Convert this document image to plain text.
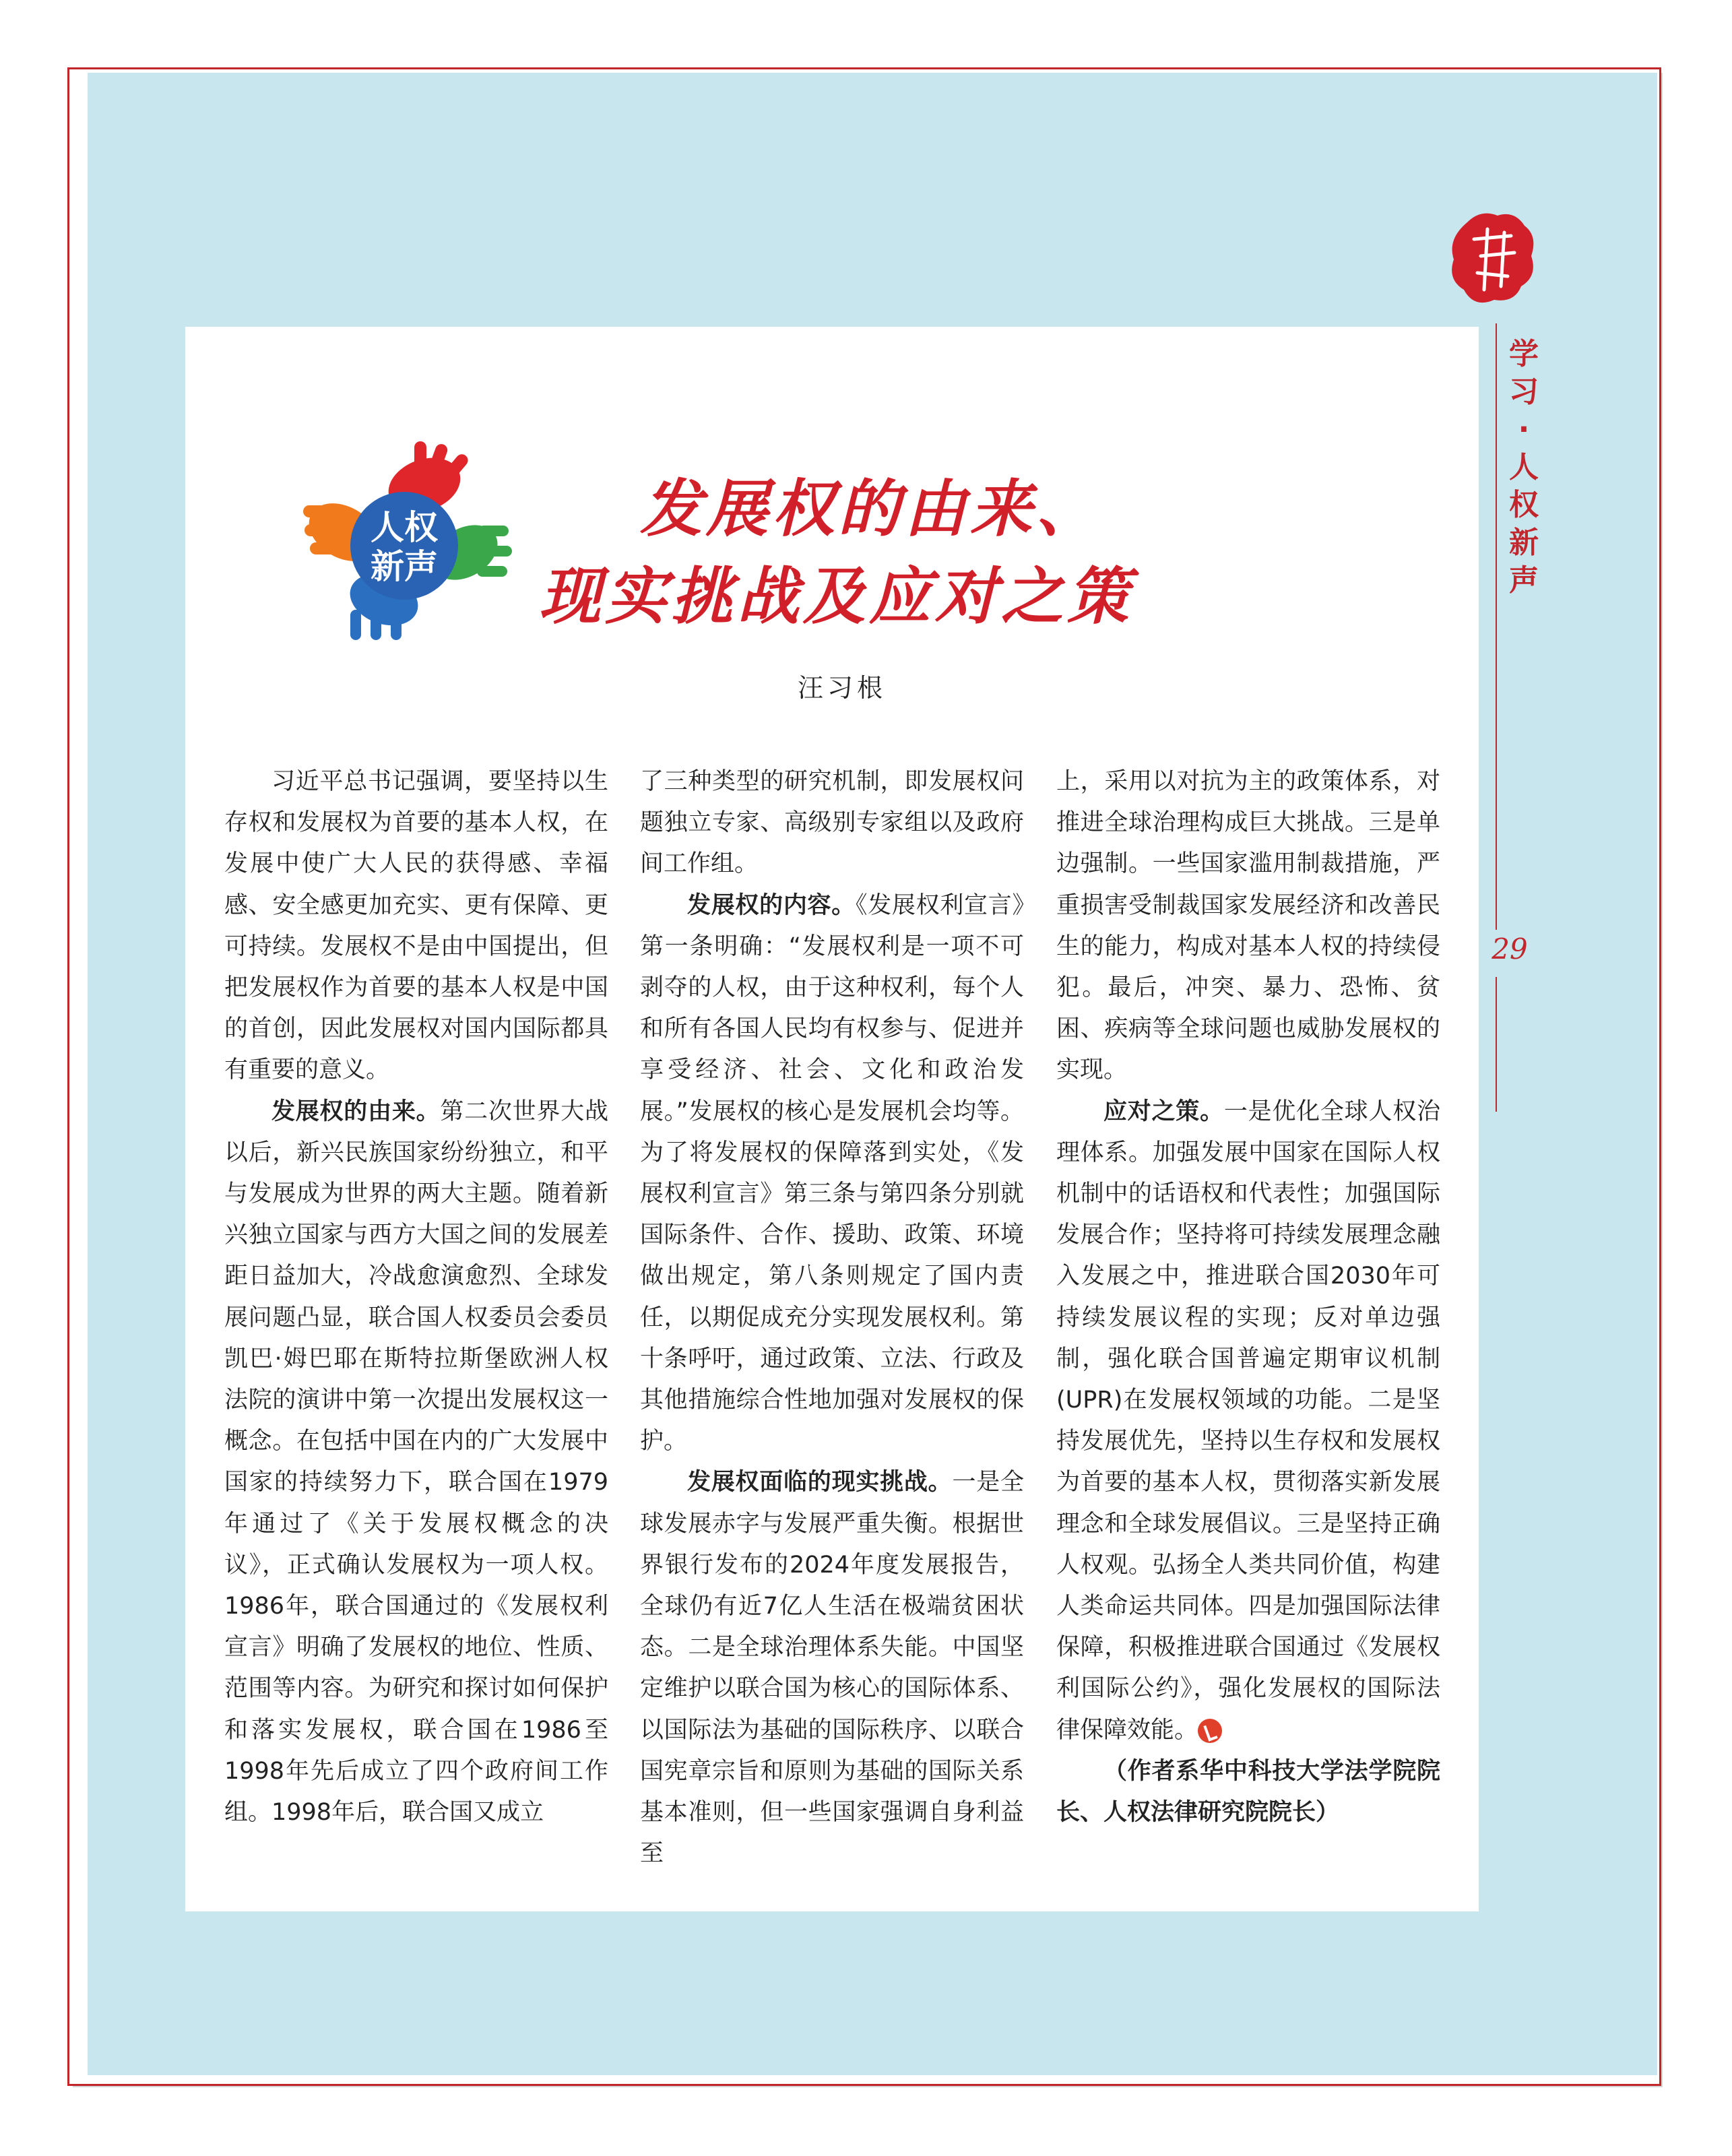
学习·人权新声
29
人权
新声
发展权的由来、
现实挑战及应对之策
汪习根

习近平总书记强调，要坚持以生存权和发展权为首要的基本人权，在发展中使广大人民的获得感、幸福感、安全感更加充实、更有保障、更可持续。发展权不是由中国提出，但把发展权作为首要的基本人权是中国的首创，因此发展权对国内国际都具有重要的意义。

发展权的由来。第二次世界大战以后，新兴民族国家纷纷独立，和平与发展成为世界的两大主题。随着新兴独立国家与西方大国之间的发展差距日益加大，冷战愈演愈烈、全球发展问题凸显，联合国人权委员会委员凯巴·姆巴耶在斯特拉斯堡欧洲人权法院的演讲中第一次提出发展权这一概念。在包括中国在内的广大发展中国家的持续努力下，联合国在1979年通过了《关于发展权概念的决议》，正式确认发展权为一项人权。1986年，联合国通过的《发展权利宣言》明确了发展权的地位、性质、范围等内容。为研究和探讨如何保护和落实发展权，联合国在1986至1998年先后成立了四个政府间工作组。1998年后，联合国又成立

了三种类型的研究机制，即发展权问题独立专家、高级别专家组以及政府间工作组。

发展权的内容。《发展权利宣言》第一条明确：“发展权利是一项不可剥夺的人权，由于这种权利，每个人和所有各国人民均有权参与、促进并享受经济、社会、文化和政治发展。”发展权的核心是发展机会均等。为了将发展权的保障落到实处，《发展权利宣言》第三条与第四条分别就国际条件、合作、援助、政策、环境做出规定，第八条则规定了国内责任，以期促成充分实现发展权利。第十条呼吁，通过政策、立法、行政及其他措施综合性地加强对发展权的保护。

发展权面临的现实挑战。一是全球发展赤字与发展严重失衡。根据世界银行发布的2024年度发展报告，全球仍有近7亿人生活在极端贫困状态。二是全球治理体系失能。中国坚定维护以联合国为核心的国际体系、以国际法为基础的国际秩序、以联合国宪章宗旨和原则为基础的国际关系基本准则，但一些国家强调自身利益至

上，采用以对抗为主的政策体系，对推进全球治理构成巨大挑战。三是单边强制。一些国家滥用制裁措施，严重损害受制裁国家发展经济和改善民生的能力，构成对基本人权的持续侵犯。最后，冲突、暴力、恐怖、贫困、疾病等全球问题也威胁发展权的实现。

应对之策。一是优化全球人权治理体系。加强发展中国家在国际人权机制中的话语权和代表性；加强国际发展合作；坚持将可持续发展理念融入发展之中，推进联合国2030年可持续发展议程的实现；反对单边强制，强化联合国普遍定期审议机制(UPR)在发展权领域的功能。二是坚持发展优先，坚持以生存权和发展权为首要的基本人权，贯彻落实新发展理念和全球发展倡议。三是坚持正确人权观。弘扬全人类共同价值，构建人类命运共同体。四是加强国际法律保障，积极推进联合国通过《发展权利国际公约》，强化发展权的国际法律保障效能。

（作者系华中科技大学法学院院长、人权法律研究院院长）
